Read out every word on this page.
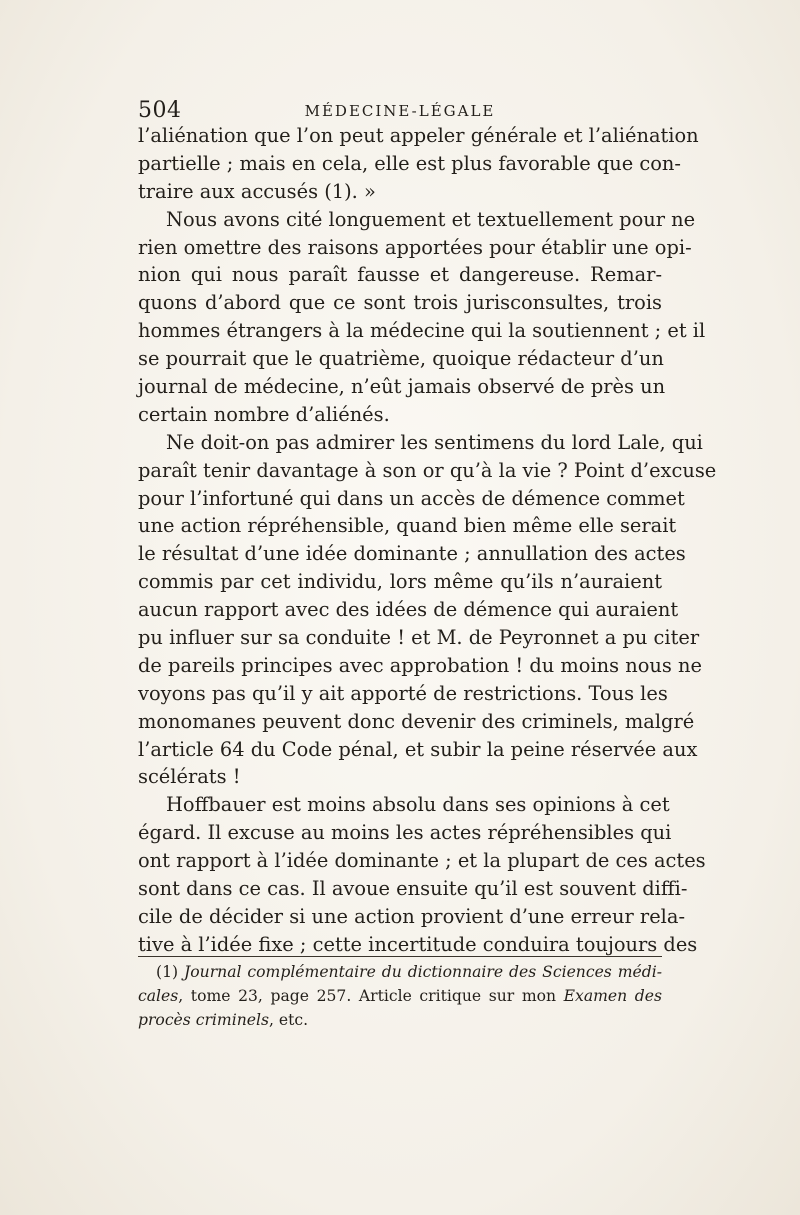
504	MÉDECINE-LÉGALE
l’aliénation que l’on peut appeler générale et l’aliénation
partielle ; mais en cela, elle est plus favorable que con-
traire aux accusés (1). »
Nous avons cité longuement et textuellement pour ne
rien omettre des raisons apportées pour établir une opi-
nion qui nous paraît fausse et dangereuse. Remar-
quons d’abord que ce sont trois jurisconsultes, trois
hommes étrangers à la médecine qui la soutiennent ; et il
se pourrait que le quatrième, quoique rédacteur d’un
journal de médecine, n’eût jamais observé de près un
certain nombre d’aliénés.
Ne doit-on pas admirer les sentimens du lord Lale, qui
paraît tenir davantage à son or qu’à la vie ? Point d’excuse
pour l’infortuné qui dans un accès de démence commet
une action répréhensible, quand bien même elle serait
le résultat d’une idée dominante ; annullation des actes
commis par cet individu, lors même qu’ils n’auraient
aucun rapport avec des idées de démence qui auraient
pu influer sur sa conduite ! et M. de Peyronnet a pu citer
de pareils principes avec approbation ! du moins nous ne
voyons pas qu’il y ait apporté de restrictions. Tous les
monomanes peuvent donc devenir des criminels, malgré
l’article 64 du Code pénal, et subir la peine réservée aux
scélérats !
Hoffbauer est moins absolu dans ses opinions à cet
égard. Il excuse au moins les actes répréhensibles qui
ont rapport à l’idée dominante ; et la plupart de ces actes
sont dans ce cas. Il avoue ensuite qu’il est souvent diffi-
cile de décider si une action provient d’une erreur rela-
tive à l’idée fixe ; cette incertitude conduira toujours des
(1) Journal complémentaire du dictionnaire des Sciences médi-
cales, tome 23, page 257. Article critique sur mon Examen des
procès criminels, etc.
